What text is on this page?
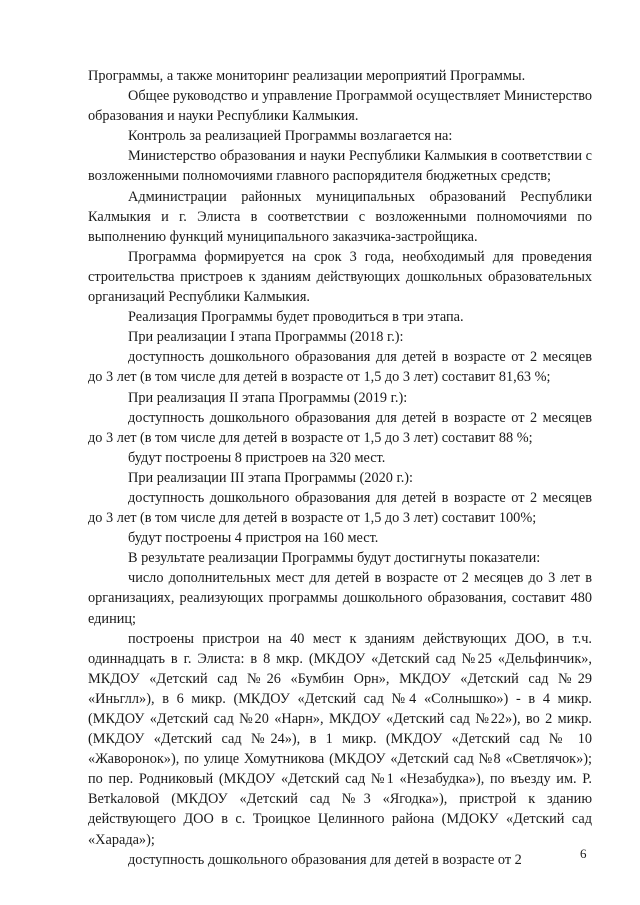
Программы, а также мониторинг реализации мероприятий Программы.

Общее руководство и управление Программой осуществляет Министерство образования и науки Республики Калмыкия.

Контроль за реализацией Программы возлагается на:

Министерство образования и науки Республики Калмыкия в соответствии с возложенными полномочиями главного распорядителя бюджетных средств;

Администрации районных муниципальных образований Республики Калмыкия и г. Элиста в соответствии с возложенными полномочиями по выполнению функций муниципального заказчика-застройщика.

Программа формируется на срок 3 года, необходимый для проведения строительства пристроев к зданиям действующих дошкольных образовательных организаций Республики Калмыкия.

Реализация Программы будет проводиться в три этапа.

При реализации I этапа Программы (2018 г.):

доступность дошкольного образования для детей в возрасте от 2 месяцев до 3 лет (в том числе для детей в возрасте от 1,5 до 3 лет) составит 81,63 %;

При реализация II этапа Программы (2019 г.):

доступность дошкольного образования для детей в возрасте от 2 месяцев до 3 лет (в том числе для детей в возрасте от 1,5 до 3 лет) составит 88 %;

будут построены 8 пристроев на 320 мест.

При реализации III этапа Программы (2020 г.):

доступность дошкольного образования для детей в возрасте от 2 месяцев до 3 лет (в том числе для детей в возрасте от 1,5 до 3 лет) составит 100%;

будут построены 4 пристроя на 160 мест.

В результате реализации Программы будут достигнуты показатели:

число дополнительных мест для детей в возрасте от 2 месяцев до 3 лет в организациях, реализующих программы дошкольного образования, составит 480 единиц;

построены пристрои на 40 мест к зданиям действующих ДОО, в т.ч. одиннадцать в г. Элиста: в 8 мкр. (МКДОУ «Детский сад №25 «Дельфинчик», МКДОУ «Детский сад №26 «Бумбин Орн», МКДОУ «Детский сад №29 «Иньглл»), в 6 микр. (МКДОУ «Детский сад №4 «Солнышко») - в 4 микр. (МКДОУ «Детский сад №20 «Нарн», МКДОУ «Детский сад №22»), во 2 микр. (МКДОУ «Детский сад №24»), в 1 микр. (МКДОУ «Детский сад № 10 «Жаворонок»), по улице Хомутникова (МКДОУ «Детский сад №8 «Светлячок»); по пер. Родниковый (МКДОУ «Детский сад №1 «Незабудка»), по въезду им. Р. Ветkaловой (МКДОУ «Детский сад №3 «Ягодка»), пристрой к зданию действующего ДОО в с. Троицкое Целинного района (МДОКУ «Детский сад «Харада»);

доступность дошкольного образования для детей в возрасте от 2	6
